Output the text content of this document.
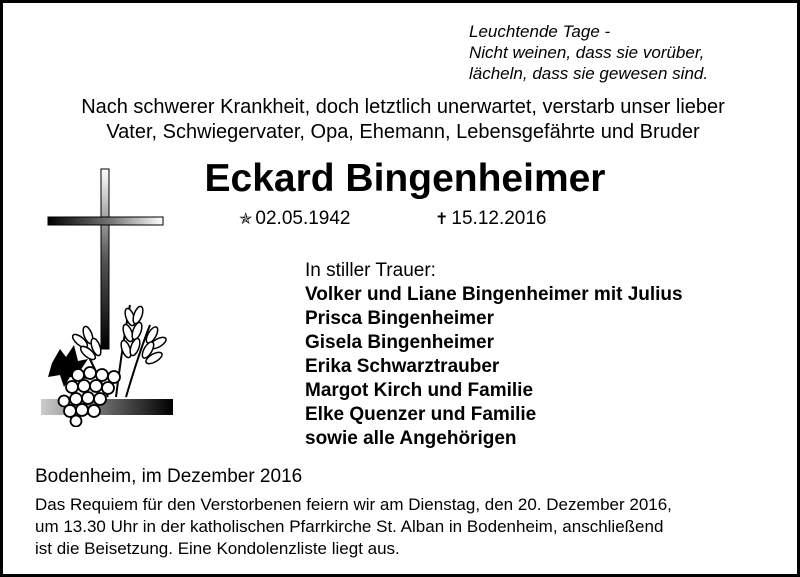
Leuchtende Tage -
Nicht weinen, dass sie vorüber,
lächeln, dass sie gewesen sind.
Nach schwerer Krankheit, doch letztlich unerwartet, verstarb unser lieber
Vater, Schwiegervater, Opa, Ehemann, Lebensgefährte und Bruder
Eckard Bingenheimer
✯ 02.05.1942	✝ 15.12.2016
In stiller Trauer:
Volker und Liane Bingenheimer mit Julius
Prisca Bingenheimer
Gisela Bingenheimer
Erika Schwarztrauber
Margot Kirch und Familie
Elke Quenzer und Familie
sowie alle Angehörigen
Bodenheim, im Dezember 2016
Das Requiem für den Verstorbenen feiern wir am Dienstag, den 20. Dezember 2016,
um 13.30 Uhr in der katholischen Pfarrkirche St. Alban in Bodenheim, anschließend
ist die Beisetzung. Eine Kondolenzliste liegt aus.
